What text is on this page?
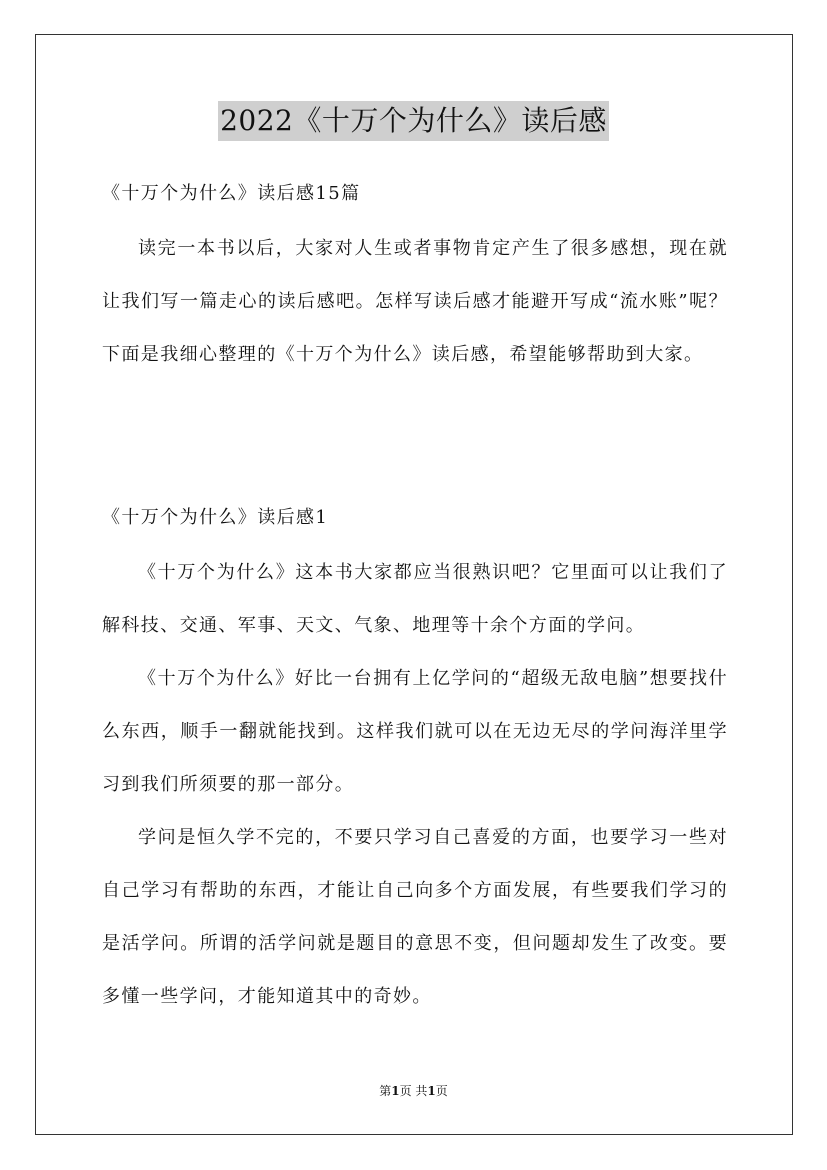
2022《十万个为什么》读后感
《十万个为什么》读后感15篇

读完一本书以后，大家对人生或者事物肯定产生了很多感想，现在就让我们写一篇走心的读后感吧。怎样写读后感才能避开写成“流水账”呢？下面是我细心整理的《十万个为什么》读后感，希望能够帮助到大家。

《十万个为什么》读后感1

《十万个为什么》这本书大家都应当很熟识吧？它里面可以让我们了解科技、交通、军事、天文、气象、地理等十余个方面的学问。

《十万个为什么》好比一台拥有上亿学问的“超级无敌电脑”想要找什么东西，顺手一翻就能找到。这样我们就可以在无边无尽的学问海洋里学习到我们所须要的那一部分。

学问是恒久学不完的，不要只学习自己喜爱的方面，也要学习一些对自己学习有帮助的东西，才能让自己向多个方面发展，有些要我们学习的是活学问。所谓的活学问就是题目的意思不变，但问题却发生了改变。要多懂一些学问，才能知道其中的奇妙。

第1页 共1页
